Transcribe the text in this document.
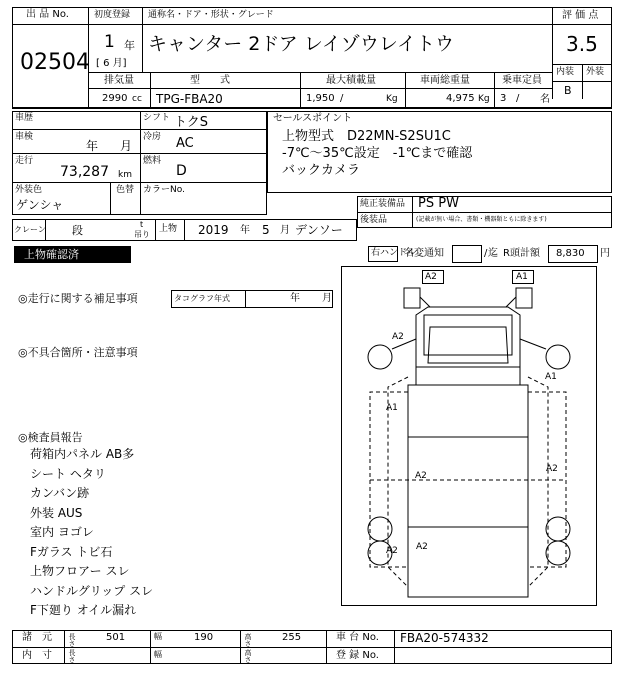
出 品 No.
02504
初度登録
1 年
[ 6 月]
通称名・ドア・形状・グレード
キャンター 2ドア レイゾウレイトウ
評 価 点
3.5
内装 外装
B
排気量
2990 cc
型　　式
TPG-FBA20
最大積載量
1,950 /	Kg
車両総重量
4,975 Kg
乗車定員
3 / 名
車歴	シフト トクS
車検
年 月
冷房 AC
走行
73,287 km
燃料
D
外装色
ゲンシャ
色替 カラーNo.
セールスポイント
上物型式　D22MN-S2SU1C
-7℃～35℃設定　-1℃まで確認
バックカメラ
純正装備品 PS PW
後装品	(記載が無い場合、書類・機器類ともに除きます)
クレーン 段	t
吊り
上物 2019 年 5 月 デンソー
上物確認済	右ハンドル
名変通知	/ 迄 R頭計額 8,830 円
◎走行に関する補足事項	タコグラフ年式	年 月
◎不具合箇所・注意事項
◎検査員報告
荷箱内パネル AB多
シート ヘタリ
カンバン跡
外装 AUS
室内 ヨゴレ
Fガラス トビ石
上物フロアー スレ
ハンドルグリップ スレ
F下廻り オイル漏れ
A2	A1
A2
A1
A1
A2
A2
A2 A2
諸　元 長さ	501	幅	190	高さ	255	車 台 No. FBA20-574332
内　寸 長さ	幅	高さ	登 録 No.
